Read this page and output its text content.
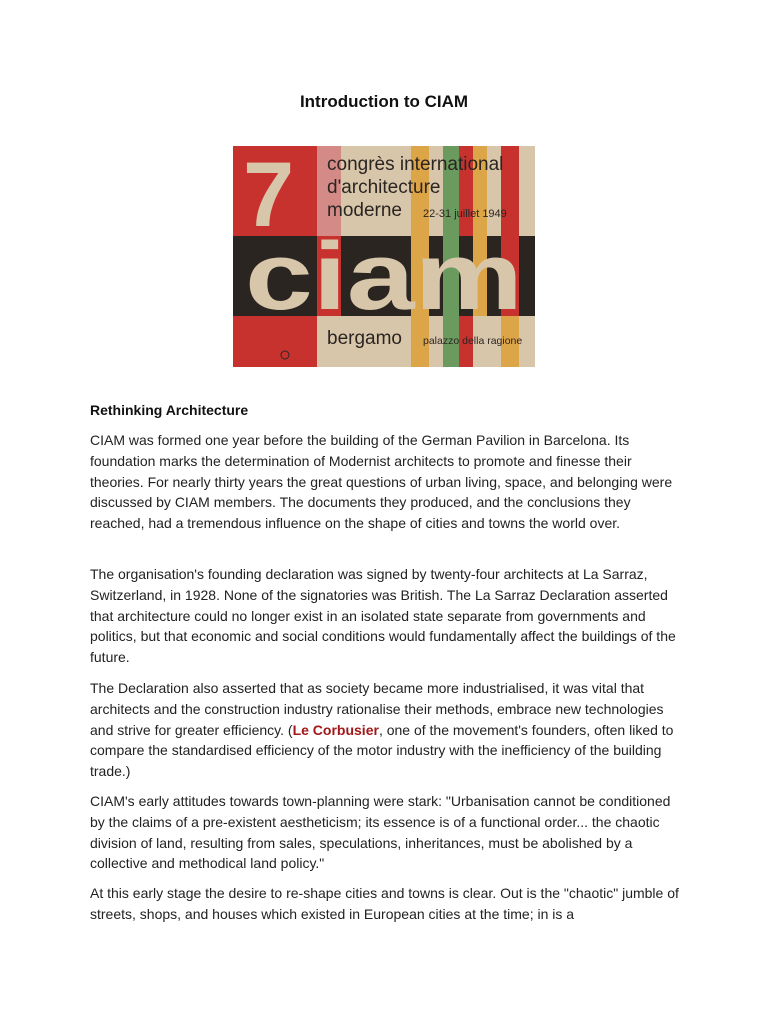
Introduction to CIAM
7 congrès international
d'architecture
moderne 22-31 juillet 1949
ciam
bergamo palazzo della ragione
Rethinking Architecture

CIAM was formed one year before the building of the German Pavilion in Barcelona. Its foundation marks the determination of Modernist architects to promote and finesse their theories. For nearly thirty years the great questions of urban living, space, and belonging were discussed by CIAM members. The documents they produced, and the conclusions they reached, had a tremendous influence on the shape of cities and towns the world over.

The organisation's founding declaration was signed by twenty-four architects at La Sarraz, Switzerland, in 1928. None of the signatories was British. The La Sarraz Declaration asserted that architecture could no longer exist in an isolated state separate from governments and politics, but that economic and social conditions would fundamentally affect the buildings of the future.

The Declaration also asserted that as society became more industrialised, it was vital that architects and the construction industry rationalise their methods, embrace new technologies and strive for greater efficiency. (Le Corbusier, one of the movement's founders, often liked to compare the standardised efficiency of the motor industry with the inefficiency of the building trade.)

CIAM's early attitudes towards town-planning were stark: "Urbanisation cannot be conditioned by the claims of a pre-existent aestheticism; its essence is of a functional order... the chaotic division of land, resulting from sales, speculations, inheritances, must be abolished by a collective and methodical land policy."

At this early stage the desire to re-shape cities and towns is clear. Out is the "chaotic" jumble of streets, shops, and houses which existed in European cities at the time; in is a
